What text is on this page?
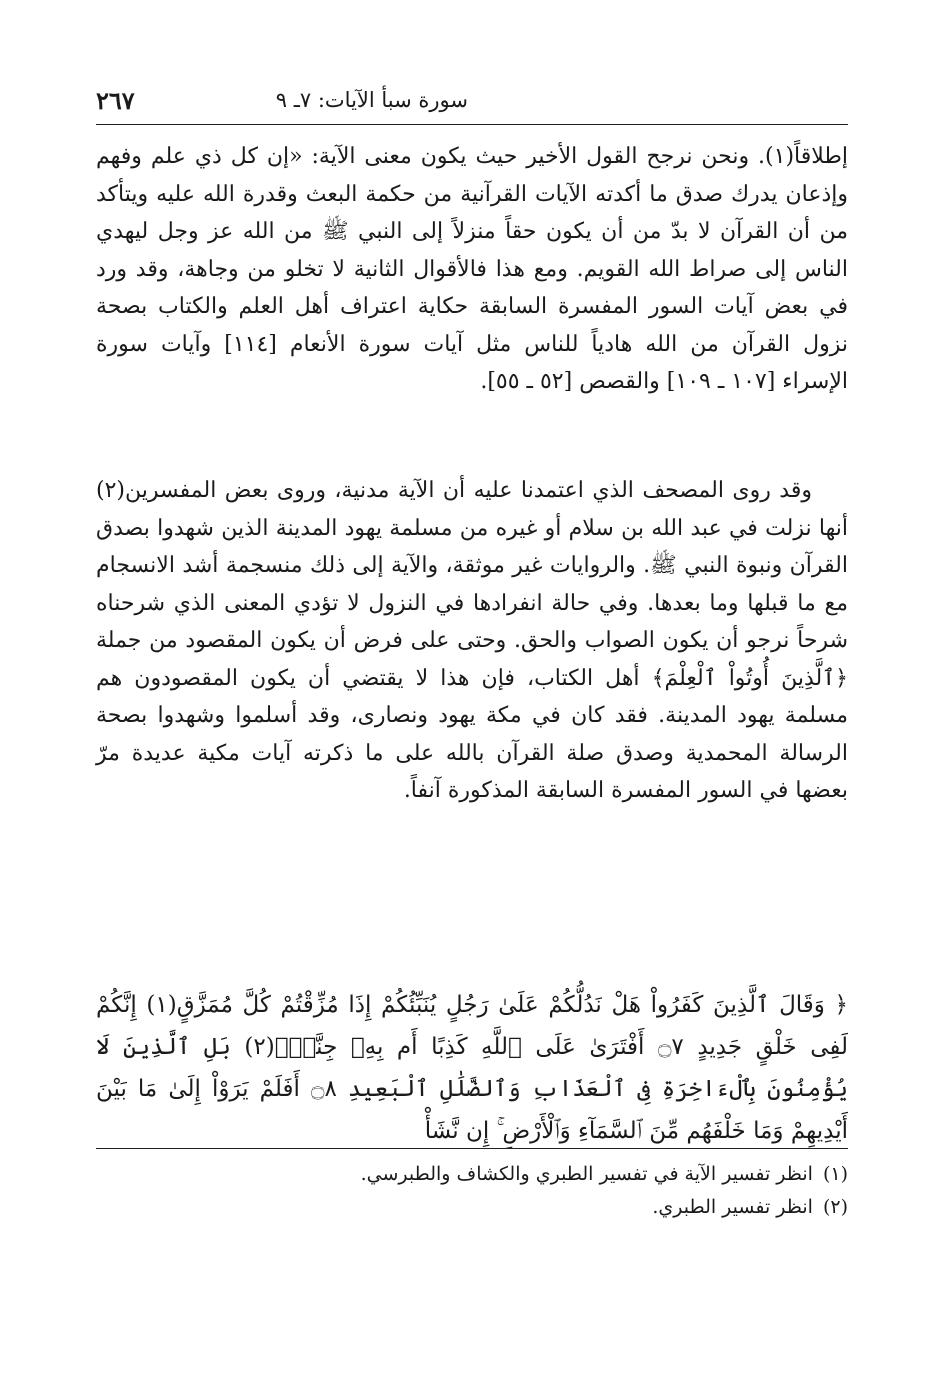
سورة سبأ الآيات: ٧ـ ٩
٢٦٧

إطلاقاً(١). ونحن نرجح القول الأخير حيث يكون معنى الآية: «إن كل ذي علم وفهم وإذعان يدرك صدق ما أكدته الآيات القرآنية من حكمة البعث وقدرة الله عليه ويتأكد من أن القرآن لا بدّ من أن يكون حقاً منزلاً إلى النبي ﷺ من الله عز وجل ليهدي الناس إلى صراط الله القويم. ومع هذا فالأقوال الثانية لا تخلو من وجاهة، وقد ورد في بعض آيات السور المفسرة السابقة حكاية اعتراف أهل العلم والكتاب بصحة نزول القرآن من الله هادياً للناس مثل آيات سورة الأنعام [١١٤] وآيات سورة الإسراء [١٠٧ ـ ١٠٩] والقصص [٥٢ ـ ٥٥].

وقد روى المصحف الذي اعتمدنا عليه أن الآية مدنية، وروى بعض المفسرين(٢) أنها نزلت في عبد الله بن سلام أو غيره من مسلمة يهود المدينة الذين شهدوا بصدق القرآن ونبوة النبي ﷺ. والروايات غير موثقة، والآية إلى ذلك منسجمة أشد الانسجام مع ما قبلها وما بعدها. وفي حالة انفرادها في النزول لا تؤدي المعنى الذي شرحناه شرحاً نرجو أن يكون الصواب والحق. وحتى على فرض أن يكون المقصود من جملة ﴿ٱلَّذِينَ أُوتُواْ ٱلْعِلْمَ﴾ أهل الكتاب، فإن هذا لا يقتضي أن يكون المقصودون هم مسلمة يهود المدينة. فقد كان في مكة يهود ونصارى، وقد أسلموا وشهدوا بصحة الرسالة المحمدية وصدق صلة القرآن بالله على ما ذكرته آيات مكية عديدة مرّ بعضها في السور المفسرة السابقة المذكورة آنفاً.

﴿ وَقَالَ ٱلَّذِينَ كَفَرُواْ هَلْ نَدُلُّكُمْ عَلَىٰ رَجُلٍ يُنَبِّئُكُمْ إِذَا مُزِّقْتُمْ كُلَّ مُمَزَّقٍ(١) إِنَّكُمْ لَفِى خَلْقٍ جَدِيدٍ ۝٧ أَفْتَرَىٰ عَلَى ٱللَّهِ كَذِبًا أَم بِهِۦ جِنَّةٌۢ(٢) بَلِ ٱلَّذِينَ لَا يُؤْمِنُونَ بِٱلْءَاخِرَةِ فِى ٱلْعَذَابِ وَٱلضَّلَٰلِ ٱلْبَعِيدِ ۝٨ أَفَلَمْ يَرَوْاْ إِلَىٰ مَا بَيْنَ أَيْدِيهِمْ وَمَا خَلْفَهُم مِّنَ ٱلسَّمَآءِ وَٱلْأَرْضِ ۚ إِن نَّشَأْ

(١)انظر تفسير الآية في تفسير الطبري والكشاف والطبرسي.
(٢)انظر تفسير الطبري.
